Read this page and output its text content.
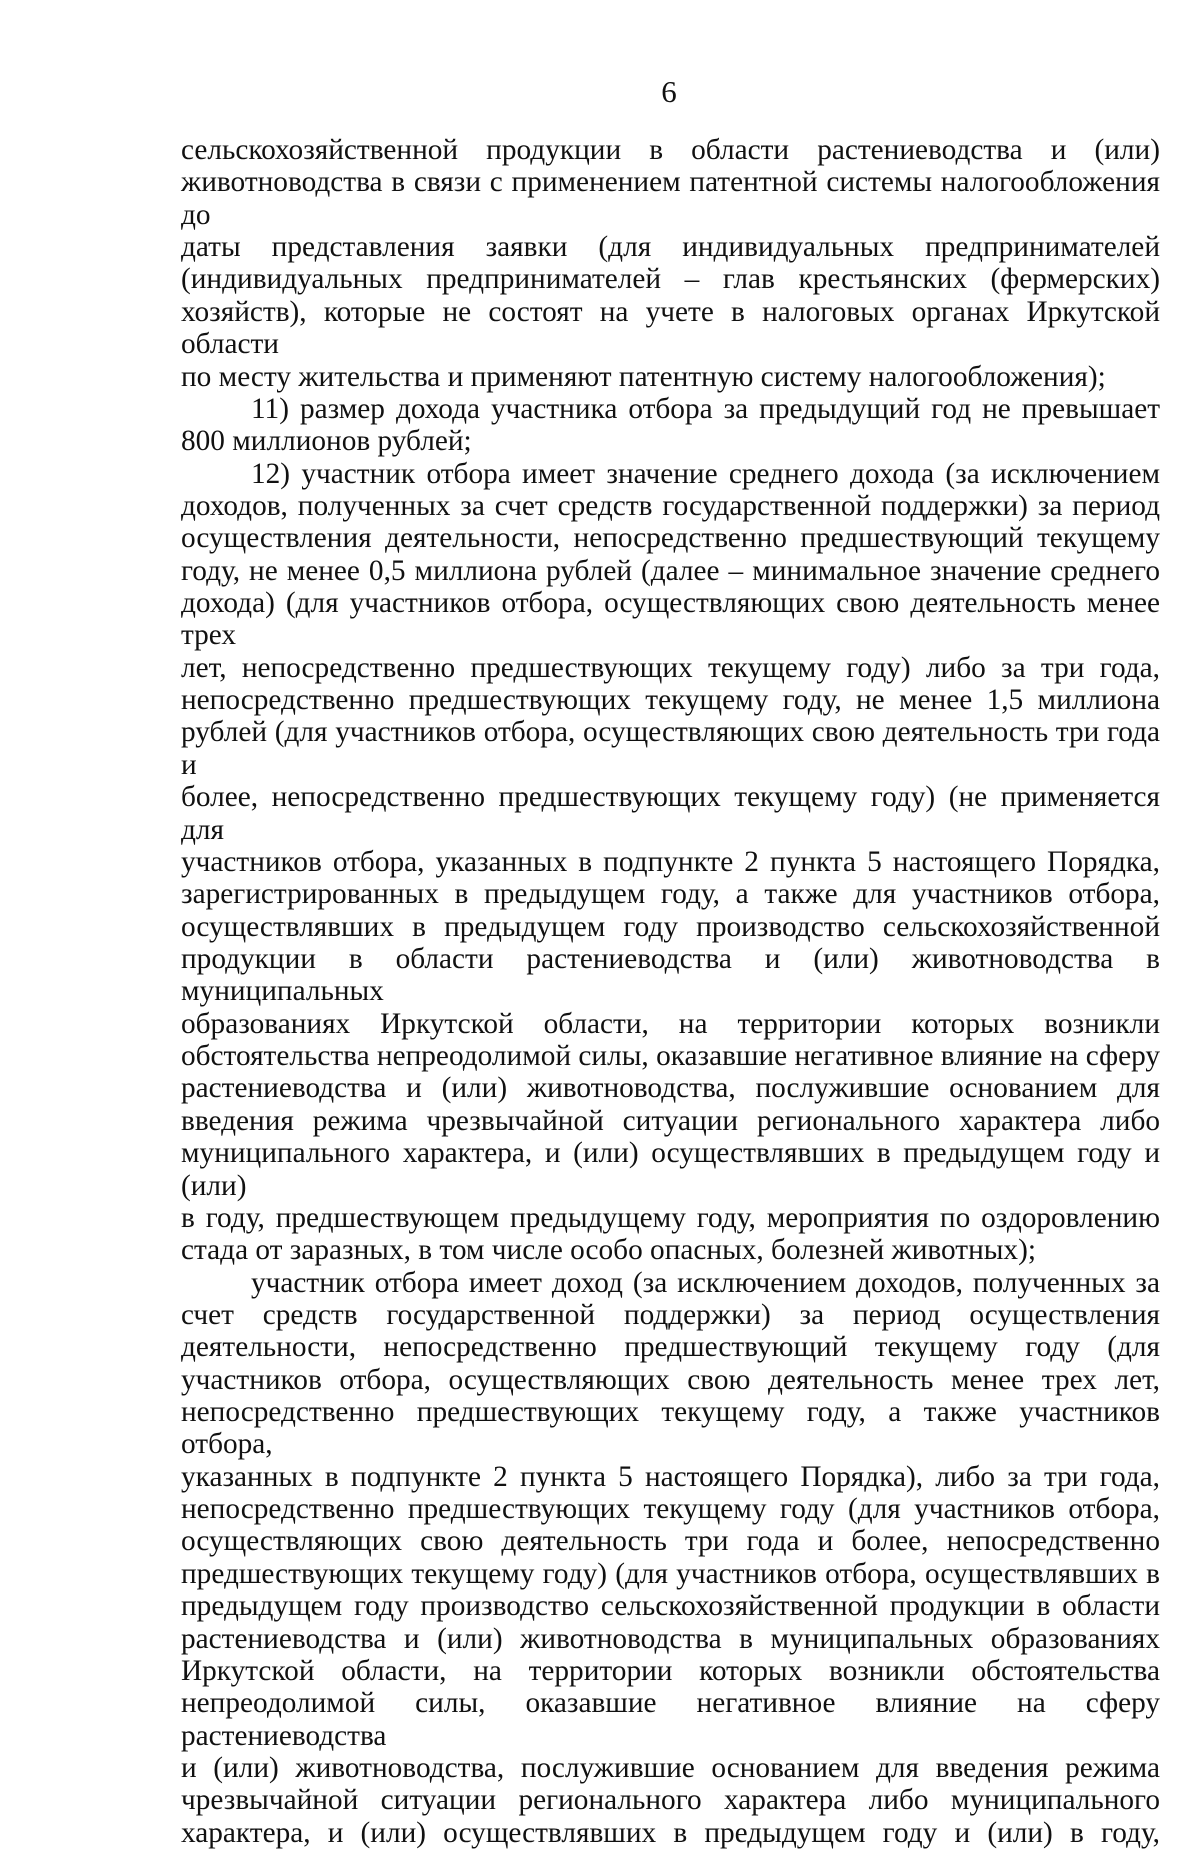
6

сельскохозяйственной продукции в области растениеводства и (или)
животноводства в связи с применением патентной системы налогообложения до
даты представления заявки (для индивидуальных предпринимателей
(индивидуальных предпринимателей – глав крестьянских (фермерских)
хозяйств), которые не состоят на учете в налоговых органах Иркутской области
по месту жительства и применяют патентную систему налогообложения);

11) размер дохода участника отбора за предыдущий год не превышает
800 миллионов рублей;

12) участник отбора имеет значение среднего дохода (за исключением
доходов, полученных за счет средств государственной поддержки) за период
осуществления деятельности, непосредственно предшествующий текущему
году, не менее 0,5 миллиона рублей (далее – минимальное значение среднего
дохода) (для участников отбора, осуществляющих свою деятельность менее трех
лет, непосредственно предшествующих текущему году) либо за три года,
непосредственно предшествующих текущему году, не менее 1,5 миллиона
рублей (для участников отбора, осуществляющих свою деятельность три года и
более, непосредственно предшествующих текущему году) (не применяется для
участников отбора, указанных в подпункте 2 пункта 5 настоящего Порядка,
зарегистрированных в предыдущем году, а также для участников отбора,
осуществлявших в предыдущем году производство сельскохозяйственной
продукции в области растениеводства и (или) животноводства в муниципальных
образованиях Иркутской области, на территории которых возникли
обстоятельства непреодолимой силы, оказавшие негативное влияние на сферу
растениеводства и (или) животноводства, послужившие основанием для
введения режима чрезвычайной ситуации регионального характера либо
муниципального характера, и (или) осуществлявших в предыдущем году и (или)
в году, предшествующем предыдущему году, мероприятия по оздоровлению
стада от заразных, в том числе особо опасных, болезней животных);

участник отбора имеет доход (за исключением доходов, полученных за
счет средств государственной поддержки) за период осуществления
деятельности, непосредственно предшествующий текущему году (для
участников отбора, осуществляющих свою деятельность менее трех лет,
непосредственно предшествующих текущему году, а также участников отбора,
указанных в подпункте 2 пункта 5 настоящего Порядка), либо за три года,
непосредственно предшествующих текущему году (для участников отбора,
осуществляющих свою деятельность три года и более, непосредственно
предшествующих текущему году) (для участников отбора, осуществлявших в
предыдущем году производство сельскохозяйственной продукции в области
растениеводства и (или) животноводства в муниципальных образованиях
Иркутской области, на территории которых возникли обстоятельства
непреодолимой силы, оказавшие негативное влияние на сферу растениеводства
и (или) животноводства, послужившие основанием для введения режима
чрезвычайной ситуации регионального характера либо муниципального
характера, и (или) осуществлявших в предыдущем году и (или) в году,
